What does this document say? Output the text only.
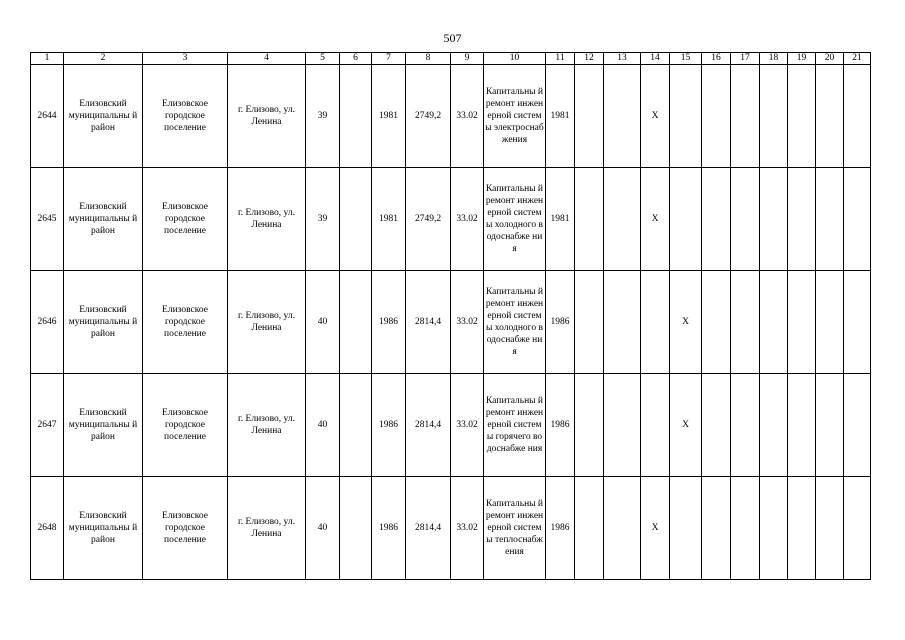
507
1	2	3	4	5	6	7	8	9	10	11	12	13	14	15	16	17	18	19	20	21
2644	Елизовский муниципальны й район	Елизовское городское поселение	г. Елизово, ул. Ленина	39		1981	2749,2	33.02	Капитальны й ремонт инженерной системы электроснаб жения	1981			X							
2645	Елизовский муниципальны й район	Елизовское городское поселение	г. Елизово, ул. Ленина	39		1981	2749,2	33.02	Капитальны й ремонт инженерной системы холодного водоснабже ния	1981			X							
2646	Елизовский муниципальны й район	Елизовское городское поселение	г. Елизово, ул. Ленина	40		1986	2814,4	33.02	Капитальны й ремонт инженерной системы холодного водоснабже ния	1986				X						
2647	Елизовский муниципальны й район	Елизовское городское поселение	г. Елизово, ул. Ленина	40		1986	2814,4	33.02	Капитальны й ремонт инженерной системы горячего водоснабже ния	1986				X						
2648	Елизовский муниципальны й район	Елизовское городское поселение	г. Елизово, ул. Ленина	40		1986	2814,4	33.02	Капитальны й ремонт инженерной системы теплоснабж ения	1986			X							
